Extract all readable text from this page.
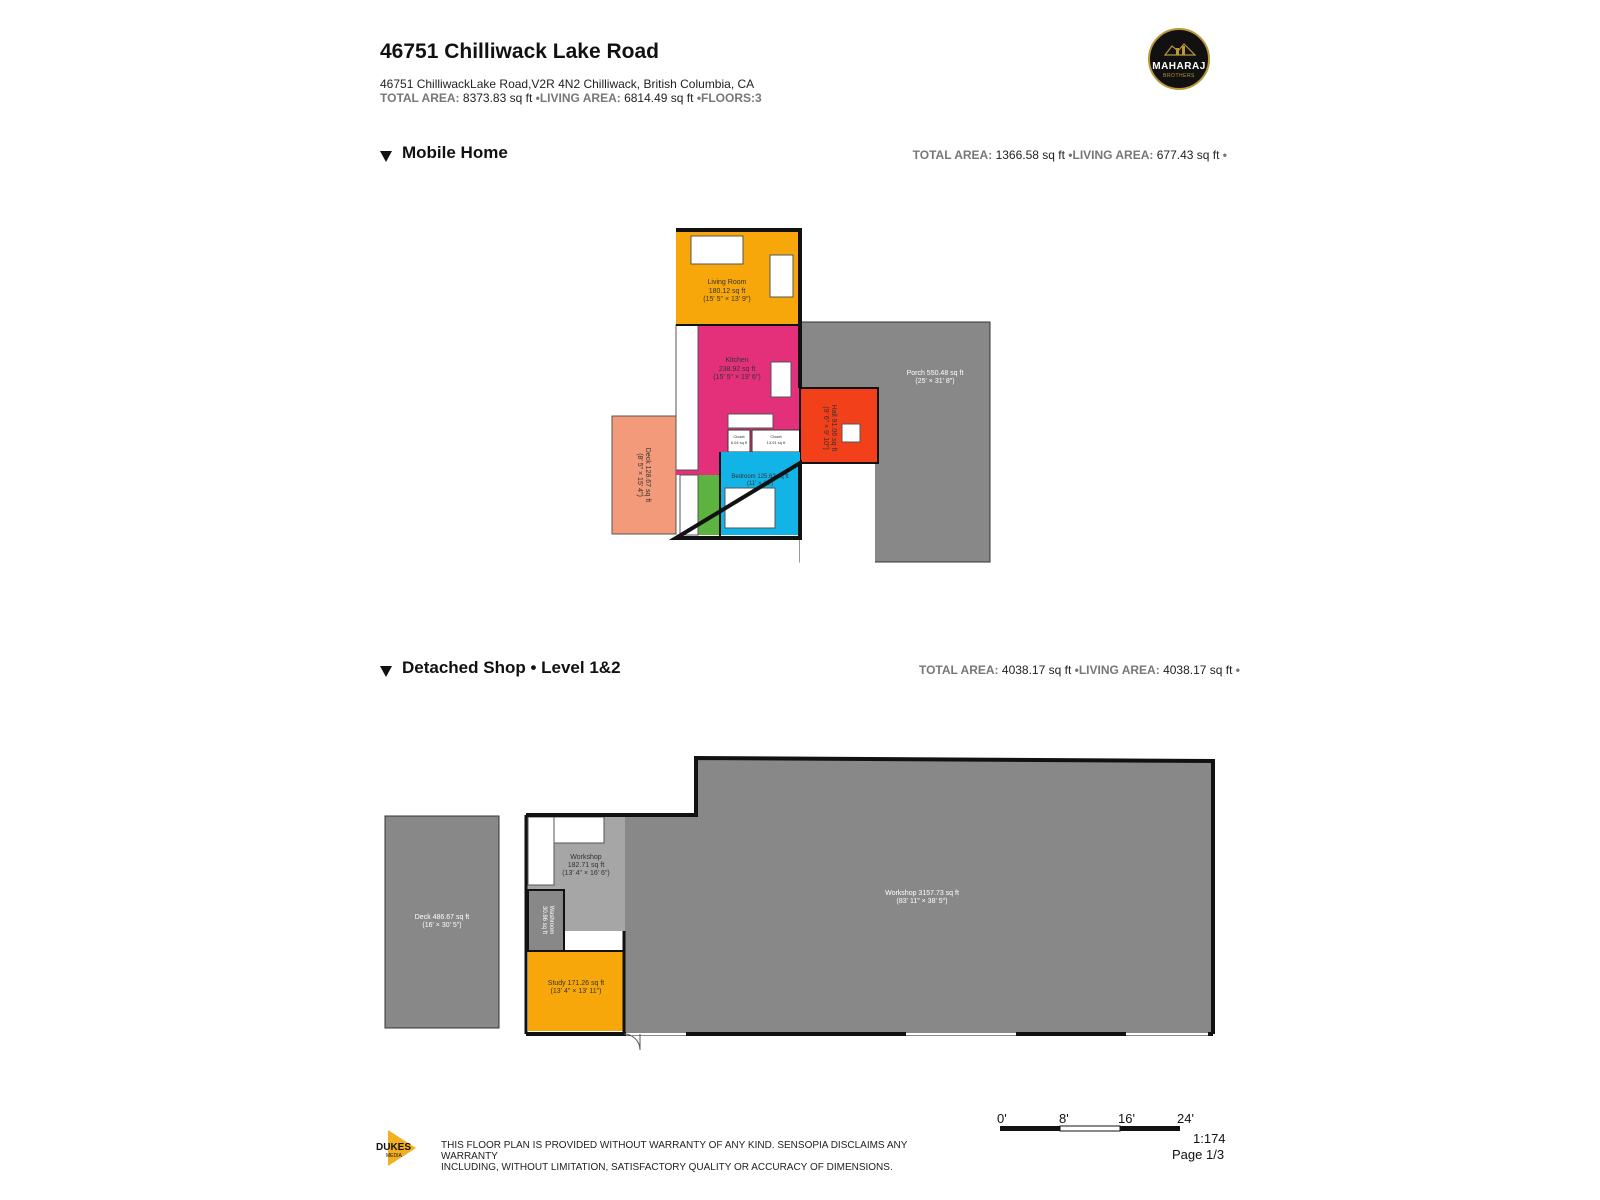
46751 Chilliwack Lake Road
46751 ChilliwackLake Road,V2R 4N2 Chilliwack, British Columbia, CA
TOTAL AREA: 8373.83 sq ft •LIVING AREA: 6814.49 sq ft •FLOORS:3
MAHARAJ
BROTHERS
Mobile Home	TOTAL AREA: 1366.58 sq ft •LIVING AREA: 677.43 sq ft •
Porch 550.48 sq ft
(25' × 31' 8")
Deck 128.67 sq ft
(8' 5" × 15' 4")
Living Room
180.12 sq ft
(15' 5" × 13' 9")
Kitchen
238.92 sq ft
(15' 5" × 19' 6")
Closet
6.04 sq ft
Closet
13.91 sq ft	Hall 91.06 sq ft
(9' 6" × 9' 10")
Bedroom 125.62 sq ft
(11' × 12')
Detached Shop • Level 1&2	TOTAL AREA: 4038.17 sq ft •LIVING AREA: 4038.17 sq ft •
Deck 486.67 sq ft
(16' × 30' 5")
Workshop 3157.73 sq ft
(83' 11" × 38' 5")
Workshop
182.71 sq ft
(13' 4" × 16' 6")
Washroom
30.86 sq ft
Study 171.26 sq ft
(13' 4" × 13' 11")
0'	8'	16'	24'
1:174
Page 1/3
DUKES
MEDIA
THIS FLOOR PLAN IS PROVIDED WITHOUT WARRANTY OF ANY KIND. SENSOPIA DISCLAIMS ANY WARRANTY
INCLUDING, WITHOUT LIMITATION, SATISFACTORY QUALITY OR ACCURACY OF DIMENSIONS.
